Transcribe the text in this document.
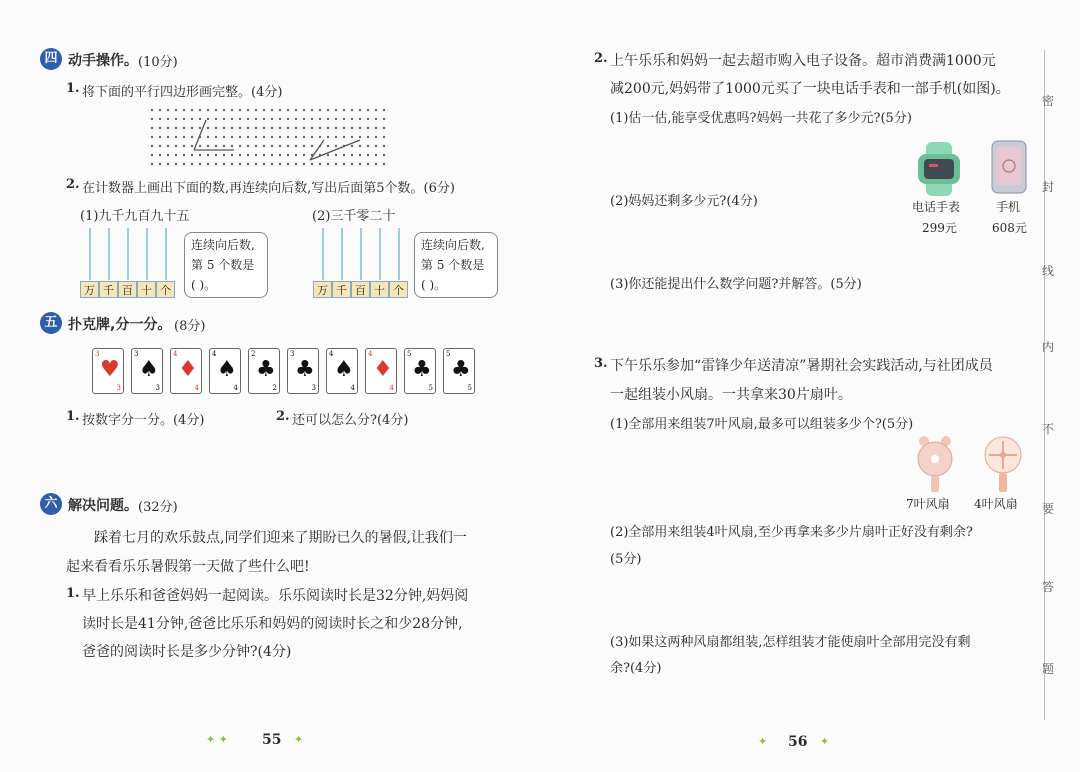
四 动手操作。 (10分)
1. 将下面的平行四边形画完整。(4分)
2. 在计数器上画出下面的数,再连续向后数,写出后面第5个数。(6分)
(1)九千九百九十五	(2)三千零二十
万 千 百 十 个
连续向后数,
第 5 个数是
( )。	万 千 百 十 个
连续向后数,
第 5 个数是
( )。
五 扑克牌,分一分。 (8分)
3
♥
3
3
♠
3
4
♦
4
4
♠
4
2
♣
2
3
♣
3
4
♠
4
4
♦
4
5
♣
5
5
♣
5
1. 按数字分一分。(4分)	2. 还可以怎么分?(4分)
六 解决问题。 (32分)
踩着七月的欢乐鼓点,同学们迎来了期盼已久的暑假,让我们一
起来看看乐乐暑假第一天做了些什么吧!
1. 早上乐乐和爸爸妈妈一起阅读。乐乐阅读时长是32分钟,妈妈阅
读时长是41分钟,爸爸比乐乐和妈妈的阅读时长之和少28分钟,
爸爸的阅读时长是多少分钟?(4分)
✦ ✦ 55 ✦
2. 上午乐乐和妈妈一起去超市购入电子设备。超市消费满1000元
减200元,妈妈带了1000元买了一块电话手表和一部手机(如图)。
(1)估一估,能享受优惠吗?妈妈一共花了多少元?(5分)
电话手表
299元
手机
608元
(2)妈妈还剩多少元?(4分)
(3)你还能提出什么数学问题?并解答。(5分)
3. 下午乐乐参加“雷锋少年送清凉”暑期社会实践活动,与社团成员
一起组装小风扇。一共拿来30片扇叶。
(1)全部用来组装7叶风扇,最多可以组装多少个?(5分)
7叶风扇 4叶风扇
(2)全部用来组装4叶风扇,至少再拿来多少片扇叶正好没有剩余?
(5分)
(3)如果这两种风扇都组装,怎样组装才能使扇叶全部用完没有剩
余?(4分)
✦ 56 ✦
密
封
线
内
不
要
答
题
